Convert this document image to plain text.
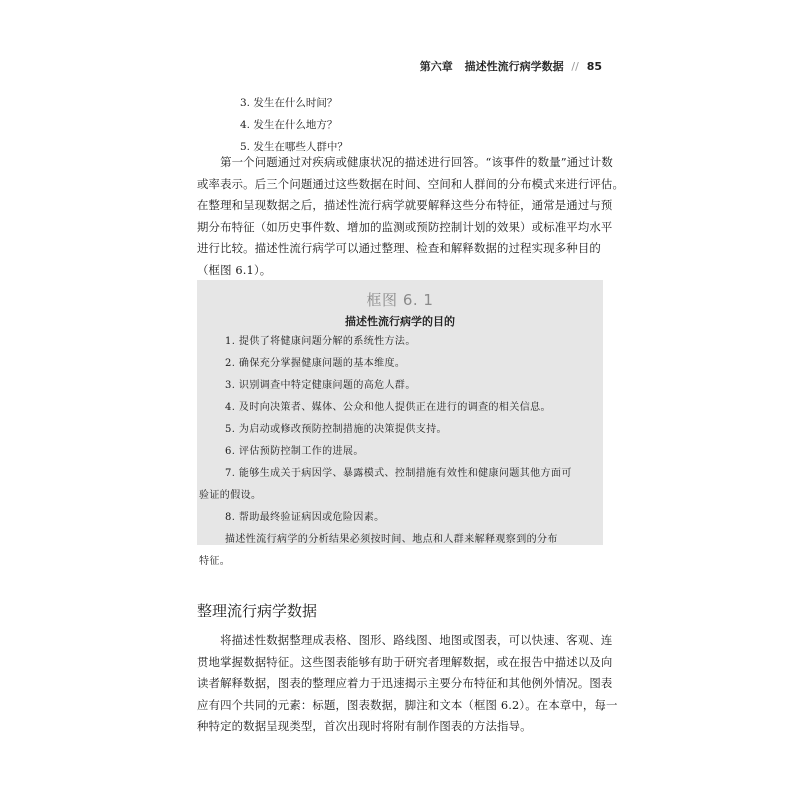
第六章 描述性流行病学数据 // 85
3. 发生在什么时间？
4. 发生在什么地方？
5. 发生在哪些人群中？
　　第一个问题通过对疾病或健康状况的描述进行回答。“该事件的数量”通过计数
或率表示。后三个问题通过这些数据在时间、空间和人群间的分布模式来进行评估。
在整理和呈现数据之后，描述性流行病学就要解释这些分布特征，通常是通过与预
期分布特征（如历史事件数、增加的监测或预防控制计划的效果）或标准平均水平
进行比较。描述性流行病学可以通过整理、检查和解释数据的过程实现多种目的
（框图 6.1）。
框图 6. 1
描述性流行病学的目的
1. 提供了将健康问题分解的系统性方法。
2. 确保充分掌握健康问题的基本维度。
3. 识别调查中特定健康问题的高危人群。
4. 及时向决策者、媒体、公众和他人提供正在进行的调查的相关信息。
5. 为启动或修改预防控制措施的决策提供支持。
6. 评估预防控制工作的进展。
7. 能够生成关于病因学、暴露模式、控制措施有效性和健康问题其他方面可
验证的假设。
8. 帮助最终验证病因或危险因素。
描述性流行病学的分析结果必须按时间、地点和人群来解释观察到的分布
特征。
整理流行病学数据
　　将描述性数据整理成表格、图形、路线图、地图或图表，可以快速、客观、连
贯地掌握数据特征。这些图表能够有助于研究者理解数据，或在报告中描述以及向
读者解释数据，图表的整理应着力于迅速揭示主要分布特征和其他例外情况。图表
应有四个共同的元素：标题，图表数据，脚注和文本（框图 6.2）。在本章中，每一
种特定的数据呈现类型，首次出现时将附有制作图表的方法指导。
